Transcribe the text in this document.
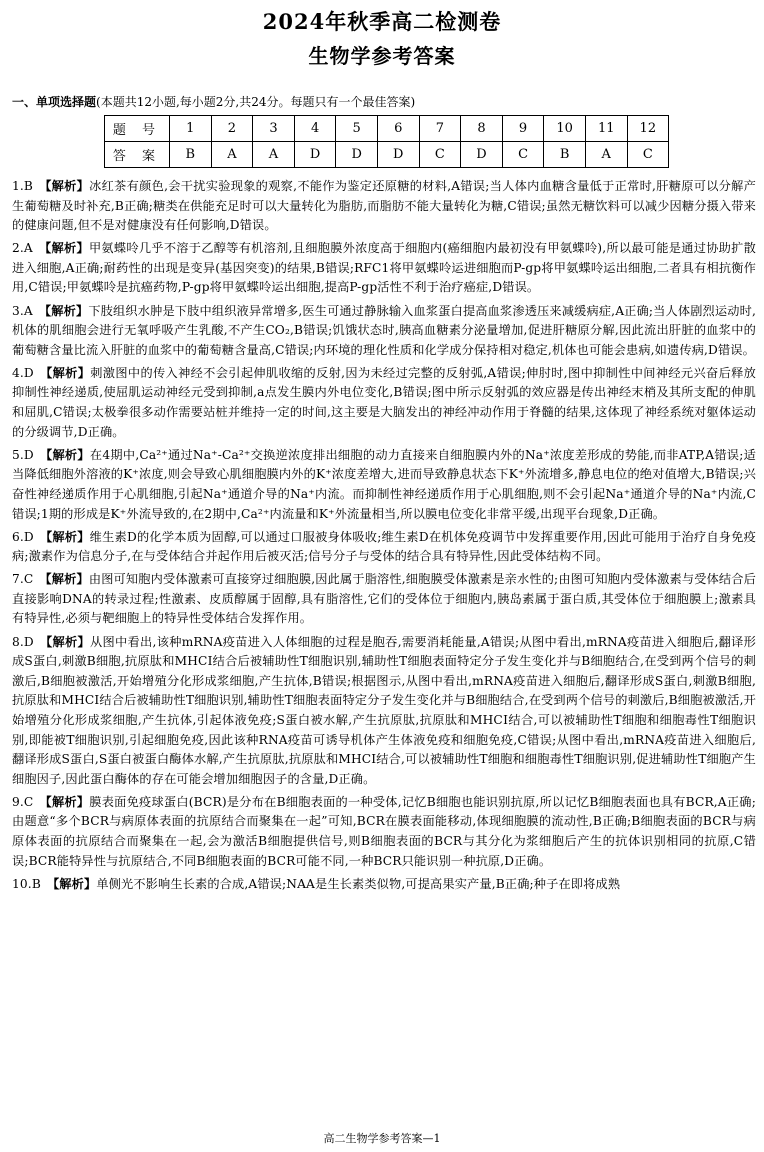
2024年秋季高二检测卷
生物学参考答案
一、单项选择题(本题共12小题,每小题2分,共24分。每题只有一个最佳答案)
题 号	1	2	3	4	5	6	7	8	9	10	11	12
答 案	B	A	A	D	D	D	C	D	C	B	A	C
1.B 【解析】冰红茶有颜色,会干扰实验现象的观察,不能作为鉴定还原糖的材料,A错误;当人体内血糖含量低于正常时,肝糖原可以分解产生葡萄糖及时补充,B正确;糖类在供能充足时可以大量转化为脂肪,而脂肪不能大量转化为糖,C错误;虽然无糖饮料可以减少因糖分摄入带来的健康问题,但不是对健康没有任何影响,D错误。
2.A 【解析】甲氨蝶呤几乎不溶于乙醇等有机溶剂,且细胞膜外浓度高于细胞内(癌细胞内最初没有甲氨蝶呤),所以最可能是通过协助扩散进入细胞,A正确;耐药性的出现是变异(基因突变)的结果,B错误;RFC1将甲氨蝶呤运进细胞而P-gp将甲氨蝶呤运出细胞,二者具有相抗衡作用,C错误;甲氨蝶呤是抗癌药物,P-gp将甲氨蝶呤运出细胞,提高P-gp活性不利于治疗癌症,D错误。
3.A 【解析】下肢组织水肿是下肢中组织液异常增多,医生可通过静脉输入血浆蛋白提高血浆渗透压来减缓病症,A正确;当人体剧烈运动时,机体的肌细胞会进行无氧呼吸产生乳酸,不产生CO₂,B错误;饥饿状态时,胰高血糖素分泌量增加,促进肝糖原分解,因此流出肝脏的血浆中的葡萄糖含量比流入肝脏的血浆中的葡萄糖含量高,C错误;内环境的理化性质和化学成分保持相对稳定,机体也可能会患病,如遗传病,D错误。
4.D 【解析】刺激图中的传入神经不会引起伸肌收缩的反射,因为未经过完整的反射弧,A错误;伸肘时,图中抑制性中间神经元兴奋后释放抑制性神经递质,使屈肌运动神经元受到抑制,a点发生膜内外电位变化,B错误;图中所示反射弧的效应器是传出神经末梢及其所支配的伸肌和屈肌,C错误;太极拳很多动作需要站桩并维持一定的时间,这主要是大脑发出的神经冲动作用于脊髓的结果,这体现了神经系统对躯体运动的分级调节,D正确。
5.D 【解析】在4期中,Ca²⁺通过Na⁺-Ca²⁺交换逆浓度排出细胞的动力直接来自细胞膜内外的Na⁺浓度差形成的势能,而非ATP,A错误;适当降低细胞外溶液的K⁺浓度,则会导致心肌细胞膜内外的K⁺浓度差增大,进而导致静息状态下K⁺外流增多,静息电位的绝对值增大,B错误;兴奋性神经递质作用于心肌细胞,引起Na⁺通道介导的Na⁺内流。而抑制性神经递质作用于心肌细胞,则不会引起Na⁺通道介导的Na⁺内流,C错误;1期的形成是K⁺外流导致的,在2期中,Ca²⁺内流量和K⁺外流量相当,所以膜电位变化非常平缓,出现平台现象,D正确。
6.D 【解析】维生素D的化学本质为固醇,可以通过口服被身体吸收;维生素D在机体免疫调节中发挥重要作用,因此可能用于治疗自身免疫病;激素作为信息分子,在与受体结合并起作用后被灭活;信号分子与受体的结合具有特异性,因此受体结构不同。
7.C 【解析】由图可知胞内受体激素可直接穿过细胞膜,因此属于脂溶性,细胞膜受体激素是亲水性的;由图可知胞内受体激素与受体结合后直接影响DNA的转录过程;性激素、皮质醇属于固醇,具有脂溶性,它们的受体位于细胞内,胰岛素属于蛋白质,其受体位于细胞膜上;激素具有特异性,必须与靶细胞上的特异性受体结合发挥作用。
8.D 【解析】从图中看出,该种mRNA疫苗进入人体细胞的过程是胞吞,需要消耗能量,A错误;从图中看出,mRNA疫苗进入细胞后,翻译形成S蛋白,刺激B细胞,抗原肽和MHCⅠ结合后被辅助性T细胞识别,辅助性T细胞表面特定分子发生变化并与B细胞结合,在受到两个信号的刺激后,B细胞被激活,开始增殖分化形成浆细胞,产生抗体,B错误;根据图示,从图中看出,mRNA疫苗进入细胞后,翻译形成S蛋白,刺激B细胞,抗原肽和MHCⅠ结合后被辅助性T细胞识别,辅助性T细胞表面特定分子发生变化并与B细胞结合,在受到两个信号的刺激后,B细胞被激活,开始增殖分化形成浆细胞,产生抗体,引起体液免疫;S蛋白被水解,产生抗原肽,抗原肽和MHCⅠ结合,可以被辅助性T细胞和细胞毒性T细胞识别,即能被T细胞识别,引起细胞免疫,因此该种RNA疫苗可诱导机体产生体液免疫和细胞免疫,C错误;从图中看出,mRNA疫苗进入细胞后,翻译形成S蛋白,S蛋白被蛋白酶体水解,产生抗原肽,抗原肽和MHCⅠ结合,可以被辅助性T细胞和细胞毒性T细胞识别,促进辅助性T细胞产生细胞因子,因此蛋白酶体的存在可能会增加细胞因子的含量,D正确。
9.C 【解析】膜表面免疫球蛋白(BCR)是分布在B细胞表面的一种受体,记忆B细胞也能识别抗原,所以记忆B细胞表面也具有BCR,A正确;由题意“多个BCR与病原体表面的抗原结合而聚集在一起”可知,BCR在膜表面能移动,体现细胞膜的流动性,B正确;B细胞表面的BCR与病原体表面的抗原结合而聚集在一起,会为激活B细胞提供信号,则B细胞表面的BCR与其分化为浆细胞后产生的抗体识别相同的抗原,C错误;BCR能特异性与抗原结合,不同B细胞表面的BCR可能不同,一种BCR只能识别一种抗原,D正确。
10.B 【解析】单侧光不影响生长素的合成,A错误;NAA是生长素类似物,可提高果实产量,B正确;种子在即将成熟
高二生物学参考答案—1
